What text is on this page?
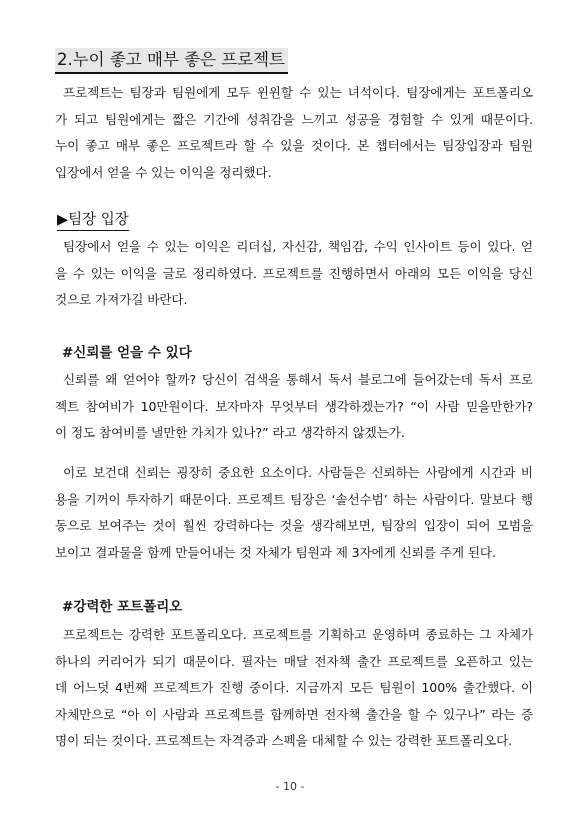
2.누이 좋고 매부 좋은 프로젝트
프로젝트는 팀장과 팀원에게 모두 윈윈할 수 있는 녀석이다. 팀장에게는 포트폴리오
가 되고 팀원에게는 짧은 기간에 성취감을 느끼고 성공을 경험할 수 있게 때문이다.
누이 좋고 매부 좋은 프로젝트라 할 수 있을 것이다. 본 챕터에서는 팀장입장과 팀원
입장에서 얻을 수 있는 이익을 정리했다.
▶팀장 입장
팀장에서 얻을 수 있는 이익은 리더십, 자신감, 책임감, 수익 인사이트 등이 있다. 얻
을 수 있는 이익을 글로 정리하였다. 프로젝트를 진행하면서 아래의 모든 이익을 당신
것으로 가져가길 바란다.
#신뢰를 얻을 수 있다
신뢰를 왜 얻어야 할까? 당신이 검색을 통해서 독서 블로그에 들어갔는데 독서 프로
젝트 참여비가 10만원이다. 보자마자 무엇부터 생각하겠는가? “이 사람 믿을만한가?
이 정도 참여비를 낼만한 가치가 있나?” 라고 생각하지 않겠는가.
이로 보건대 신뢰는 굉장히 중요한 요소이다. 사람들은 신뢰하는 사람에게 시간과 비
용을 기꺼이 투자하기 때문이다. 프로젝트 팀장은 ‘솔선수범’ 하는 사람이다. 말보다 행
동으로 보여주는 것이 훨씬 강력하다는 것을 생각해보면, 팀장의 입장이 되어 모범을
보이고 결과물을 함께 만들어내는 것 자체가 팀원과 제 3자에게 신뢰를 주게 된다.
#강력한 포트폴리오
프로젝트는 강력한 포트폴리오다. 프로젝트를 기획하고 운영하며 종료하는 그 자체가
하나의 커리어가 되기 때문이다. 필자는 매달 전자책 출간 프로젝트를 오픈하고 있는
데 어느덧 4번째 프로젝트가 진행 중이다. 지금까지 모든 팀원이 100% 출간했다. 이
자체만으로 “아 이 사람과 프로젝트를 함께하면 전자책 출간을 할 수 있구나” 라는 증
명이 되는 것이다. 프로젝트는 자격증과 스펙을 대체할 수 있는 강력한 포트폴리오다.
- 10 -
